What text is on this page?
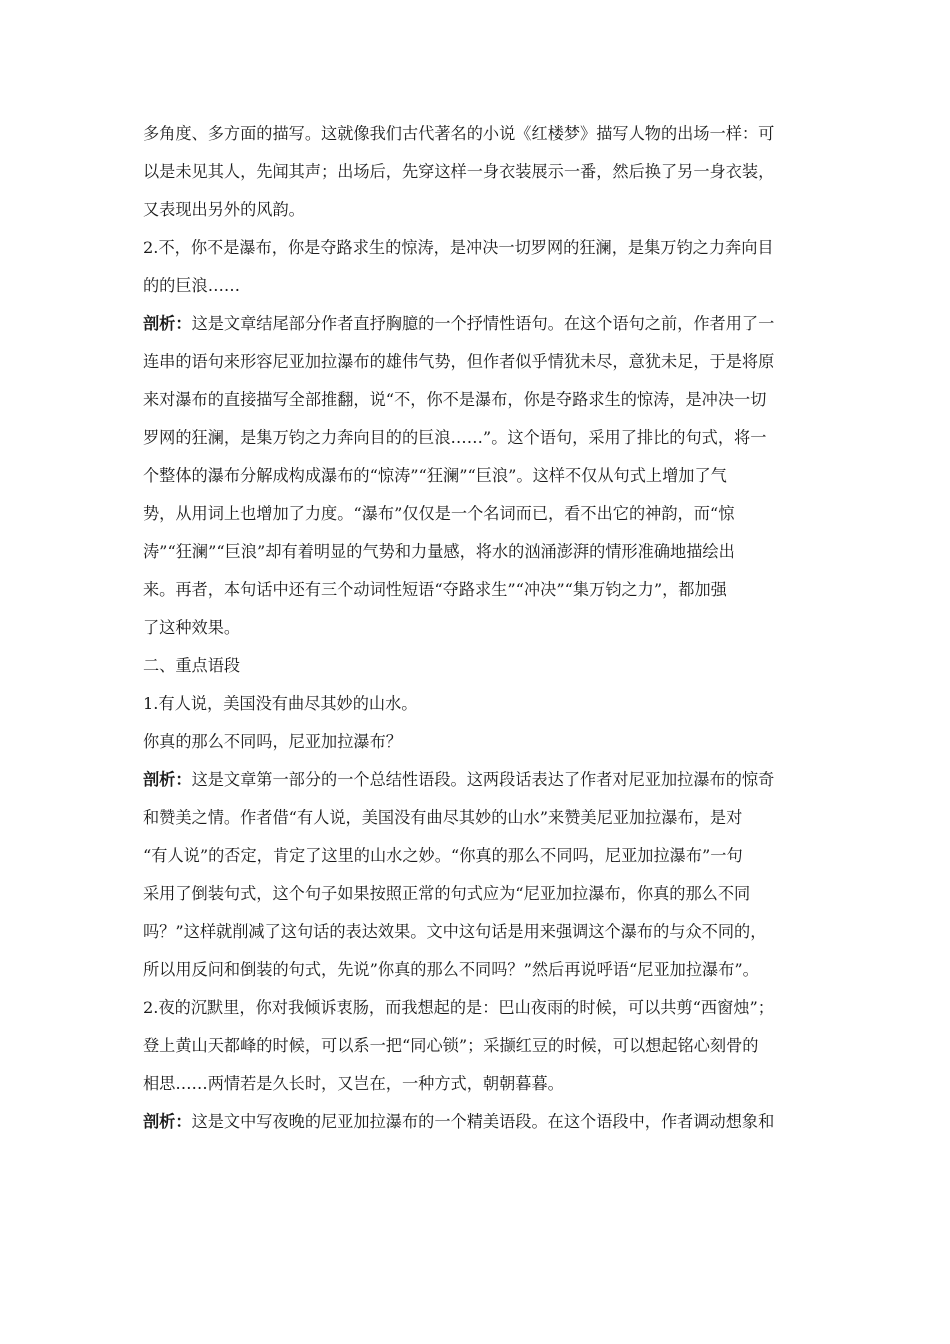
多角度、多方面的描写。这就像我们古代著名的小说《红楼梦》描写人物的出场一样：可
以是未见其人，先闻其声；出场后，先穿这样一身衣装展示一番，然后换了另一身衣装，
又表现出另外的风韵。
2.不，你不是瀑布，你是夺路求生的惊涛，是冲决一切罗网的狂澜，是集万钧之力奔向目
的的巨浪……
剖析：这是文章结尾部分作者直抒胸臆的一个抒情性语句。在这个语句之前，作者用了一
连串的语句来形容尼亚加拉瀑布的雄伟气势，但作者似乎情犹未尽，意犹未足，于是将原
来对瀑布的直接描写全部推翻，说“不，你不是瀑布，你是夺路求生的惊涛，是冲决一切
罗网的狂澜，是集万钧之力奔向目的的巨浪……”。这个语句，采用了排比的句式，将一
个整体的瀑布分解成构成瀑布的“惊涛”“狂澜”“巨浪”。这样不仅从句式上增加了气
势，从用词上也增加了力度。“瀑布”仅仅是一个名词而已，看不出它的神韵，而“惊
涛”“狂澜”“巨浪”却有着明显的气势和力量感，将水的汹涌澎湃的情形准确地描绘出
来。再者，本句话中还有三个动词性短语“夺路求生”“冲决”“集万钧之力”，都加强
了这种效果。
二、重点语段
1.有人说，美国没有曲尽其妙的山水。
你真的那么不同吗，尼亚加拉瀑布？
剖析：这是文章第一部分的一个总结性语段。这两段话表达了作者对尼亚加拉瀑布的惊奇
和赞美之情。作者借“有人说，美国没有曲尽其妙的山水”来赞美尼亚加拉瀑布，是对
“有人说”的否定，肯定了这里的山水之妙。“你真的那么不同吗，尼亚加拉瀑布”一句
采用了倒装句式，这个句子如果按照正常的句式应为“尼亚加拉瀑布，你真的那么不同
吗？”这样就削减了这句话的表达效果。文中这句话是用来强调这个瀑布的与众不同的，
所以用反问和倒装的句式，先说”你真的那么不同吗？”然后再说呼语“尼亚加拉瀑布”。
2.夜的沉默里，你对我倾诉衷肠，而我想起的是：巴山夜雨的时候，可以共剪“西窗烛”；
登上黄山天都峰的时候，可以系一把“同心锁”；采撷红豆的时候，可以想起铭心刻骨的
相思……两情若是久长时，又岂在，一种方式，朝朝暮暮。
剖析：这是文中写夜晚的尼亚加拉瀑布的一个精美语段。在这个语段中，作者调动想象和
